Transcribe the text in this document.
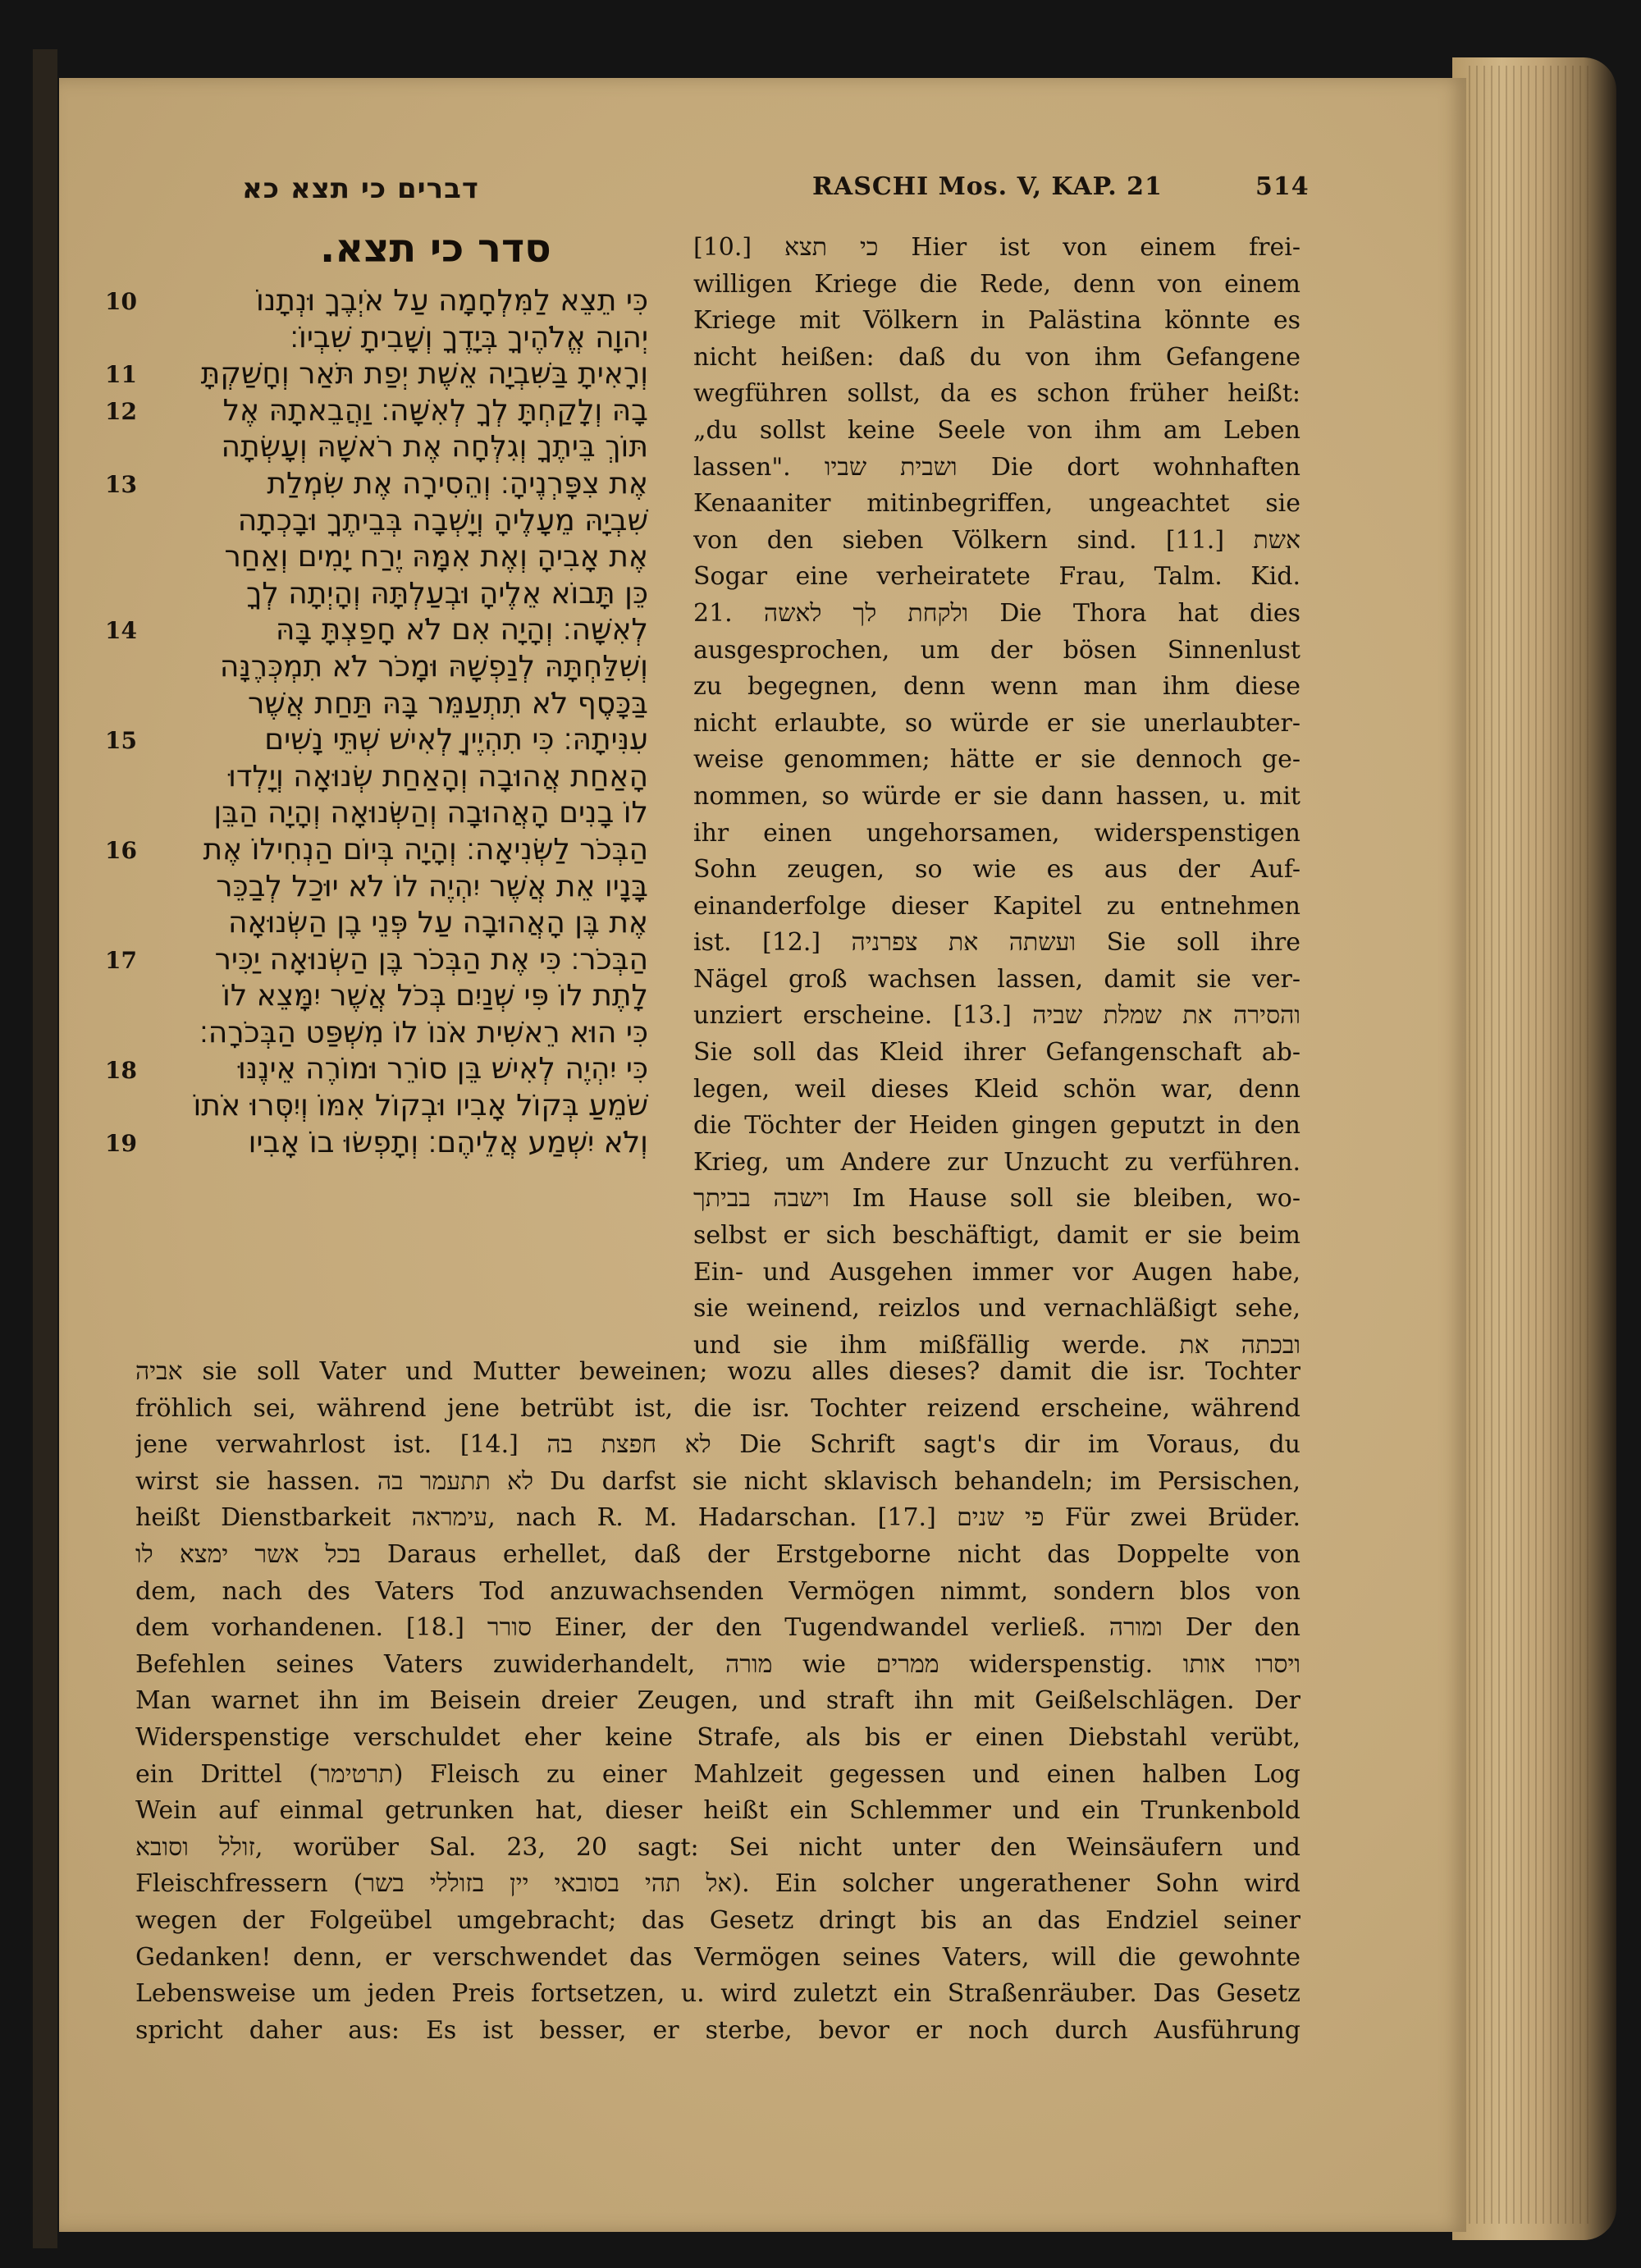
דברים כי תצא כא	RASCHI Mos. V, KAP. 21	514
סדר כי תצא.
10
11
12
13
14
15
16
17
18
19
כִּי תֵצֵא לַמִּלְחָמָה עַל אֹיְבֶךָ וּנְתָנוֹ
יְהוָה אֱלֹהֶיךָ בְּיָדֶךָ וְשָׁבִיתָ שִׁבְיוֹ׃
וְרָאִיתָ בַּשִּׁבְיָה אֵשֶׁת יְפַת תֹּאַר וְחָשַׁקְתָּ
בָהּ וְלָקַחְתָּ לְךָ לְאִשָּׁה׃ וַהֲבֵאתָהּ אֶל
תּוֹךְ בֵּיתֶךָ וְגִלְּחָה אֶת רֹאשָׁהּ וְעָשְׂתָה
אֶת צִפָּרְנֶיהָ׃ וְהֵסִירָה אֶת שִׂמְלַת
שִׁבְיָהּ מֵעָלֶיהָ וְיָשְׁבָה בְּבֵיתֶךָ וּבָכְתָה
אֶת אָבִיהָ וְאֶת אִמָּהּ יֶרַח יָמִים וְאַחַר
כֵּן תָּבוֹא אֵלֶיהָ וּבְעַלְתָּהּ וְהָיְתָה לְךָ
לְאִשָּׁה׃ וְהָיָה אִם לֹא חָפַצְתָּ בָּהּ
וְשִׁלַּחְתָּהּ לְנַפְשָׁהּ וּמָכֹר לֹא תִמְכְּרֶנָּה
בַּכָּסֶף לֹא תִתְעַמֵּר בָּהּ תַּחַת אֲשֶׁר
עִנִּיתָהּ׃ כִּי תִהְיֶיןָ לְאִישׁ שְׁתֵּי נָשִׁים
הָאַחַת אֲהוּבָה וְהָאַחַת שְׂנוּאָה וְיָלְדוּ
לוֹ בָנִים הָאֲהוּבָה וְהַשְּׂנוּאָה וְהָיָה הַבֵּן
הַבְּכֹר לַשְּׂנִיאָה׃ וְהָיָה בְּיוֹם הַנְחִילוֹ אֶת
בָּנָיו אֵת אֲשֶׁר יִהְיֶה לוֹ לֹא יוּכַל לְבַכֵּר
אֶת בֶּן הָאֲהוּבָה עַל פְּנֵי בֶן הַשְּׂנוּאָה
הַבְּכֹר׃ כִּי אֶת הַבְּכֹר בֶּן הַשְּׂנוּאָה יַכִּיר
לָתֶת לוֹ פִּי שְׁנַיִם בְּכֹל אֲשֶׁר יִמָּצֵא לוֹ
כִּי הוּא רֵאשִׁית אֹנוֹ לוֹ מִשְׁפַּט הַבְּכֹרָה׃
כִּי יִהְיֶה לְאִישׁ בֵּן סוֹרֵר וּמוֹרֶה אֵינֶנּוּ
שֹׁמֵעַ בְּקוֹל אָבִיו וּבְקוֹל אִמּוֹ וְיִסְּרוּ אֹתוֹ
וְלֹא יִשְׁמַע אֲלֵיהֶם׃ וְתָפְשׂוּ בוֹ אָבִיו
[10.] כי תצא Hier ist von einem frei-
willigen Kriege die Rede, denn von einem
Kriege mit Völkern in Palästina könnte es
nicht heißen: daß du von ihm Gefangene
wegführen sollst, da es schon früher heißt:
„du sollst keine Seele von ihm am Leben
lassen". ושבית שביו Die dort wohnhaften
Kenaaniter mitinbegriffen, ungeachtet sie
von den sieben Völkern sind. [11.] אשת
Sogar eine verheiratete Frau, Talm. Kid.
21. ולקחת לך לאשה Die Thora hat dies
ausgesprochen, um der bösen Sinnenlust
zu begegnen, denn wenn man ihm diese
nicht erlaubte, so würde er sie unerlaubter-
weise genommen; hätte er sie dennoch ge-
nommen, so würde er sie dann hassen, u. mit
ihr einen ungehorsamen, widerspenstigen
Sohn zeugen, so wie es aus der Auf-
einanderfolge dieser Kapitel zu entnehmen
ist. [12.] ועשתה את צפרניה Sie soll ihre
Nägel groß wachsen lassen, damit sie ver-
unziert erscheine. [13.] והסירה את שמלת שביה
Sie soll das Kleid ihrer Gefangenschaft ab-
legen, weil dieses Kleid schön war, denn
die Töchter der Heiden gingen geputzt in den
Krieg, um Andere zur Unzucht zu verführen.
וישבה בביתך Im Hause soll sie bleiben, wo-
selbst er sich beschäftigt, damit er sie beim
Ein- und Ausgehen immer vor Augen habe,
sie weinend, reizlos und vernachläßigt sehe,
und sie ihm mißfällig werde. ובכתה את
אביה sie soll Vater und Mutter beweinen; wozu alles dieses? damit die isr. Tochter
fröhlich sei, während jene betrübt ist, die isr. Tochter reizend erscheine, während
jene verwahrlost ist. [14.] לא חפצת בה Die Schrift sagt's dir im Voraus, du
wirst sie hassen. לא תתעמר בה Du darfst sie nicht sklavisch behandeln; im Persischen,
heißt Dienstbarkeit עימראה, nach R. M. Hadarschan. [17.] פי שנים Für zwei Brüder.
בכל אשר ימצא לו Daraus erhellet, daß der Erstgeborne nicht das Doppelte von
dem, nach des Vaters Tod anzuwachsenden Vermögen nimmt, sondern blos von
dem vorhandenen. [18.] סורר Einer, der den Tugendwandel verließ. ומורה Der den
Befehlen seines Vaters zuwiderhandelt, מורה wie ממרים widerspenstig. ויסרו אותו
Man warnet ihn im Beisein dreier Zeugen, und straft ihn mit Geißelschlägen. Der
Widerspenstige verschuldet eher keine Strafe, als bis er einen Diebstahl verübt,
ein Drittel (תרטימר) Fleisch zu einer Mahlzeit gegessen und einen halben Log
Wein auf einmal getrunken hat, dieser heißt ein Schlemmer und ein Trunkenbold
זולל וסובא, worüber Sal. 23, 20 sagt: Sei nicht unter den Weinsäufern und
Fleischfressern (אל תהי בסובאי יין בזוללי בשר). Ein solcher ungerathener Sohn wird
wegen der Folgeübel umgebracht; das Gesetz dringt bis an das Endziel seiner
Gedanken! denn, er verschwendet das Vermögen seines Vaters, will die gewohnte
Lebensweise um jeden Preis fortsetzen, u. wird zuletzt ein Straßenräuber. Das Gesetz
spricht daher aus: Es ist besser, er sterbe, bevor er noch durch Ausführung
